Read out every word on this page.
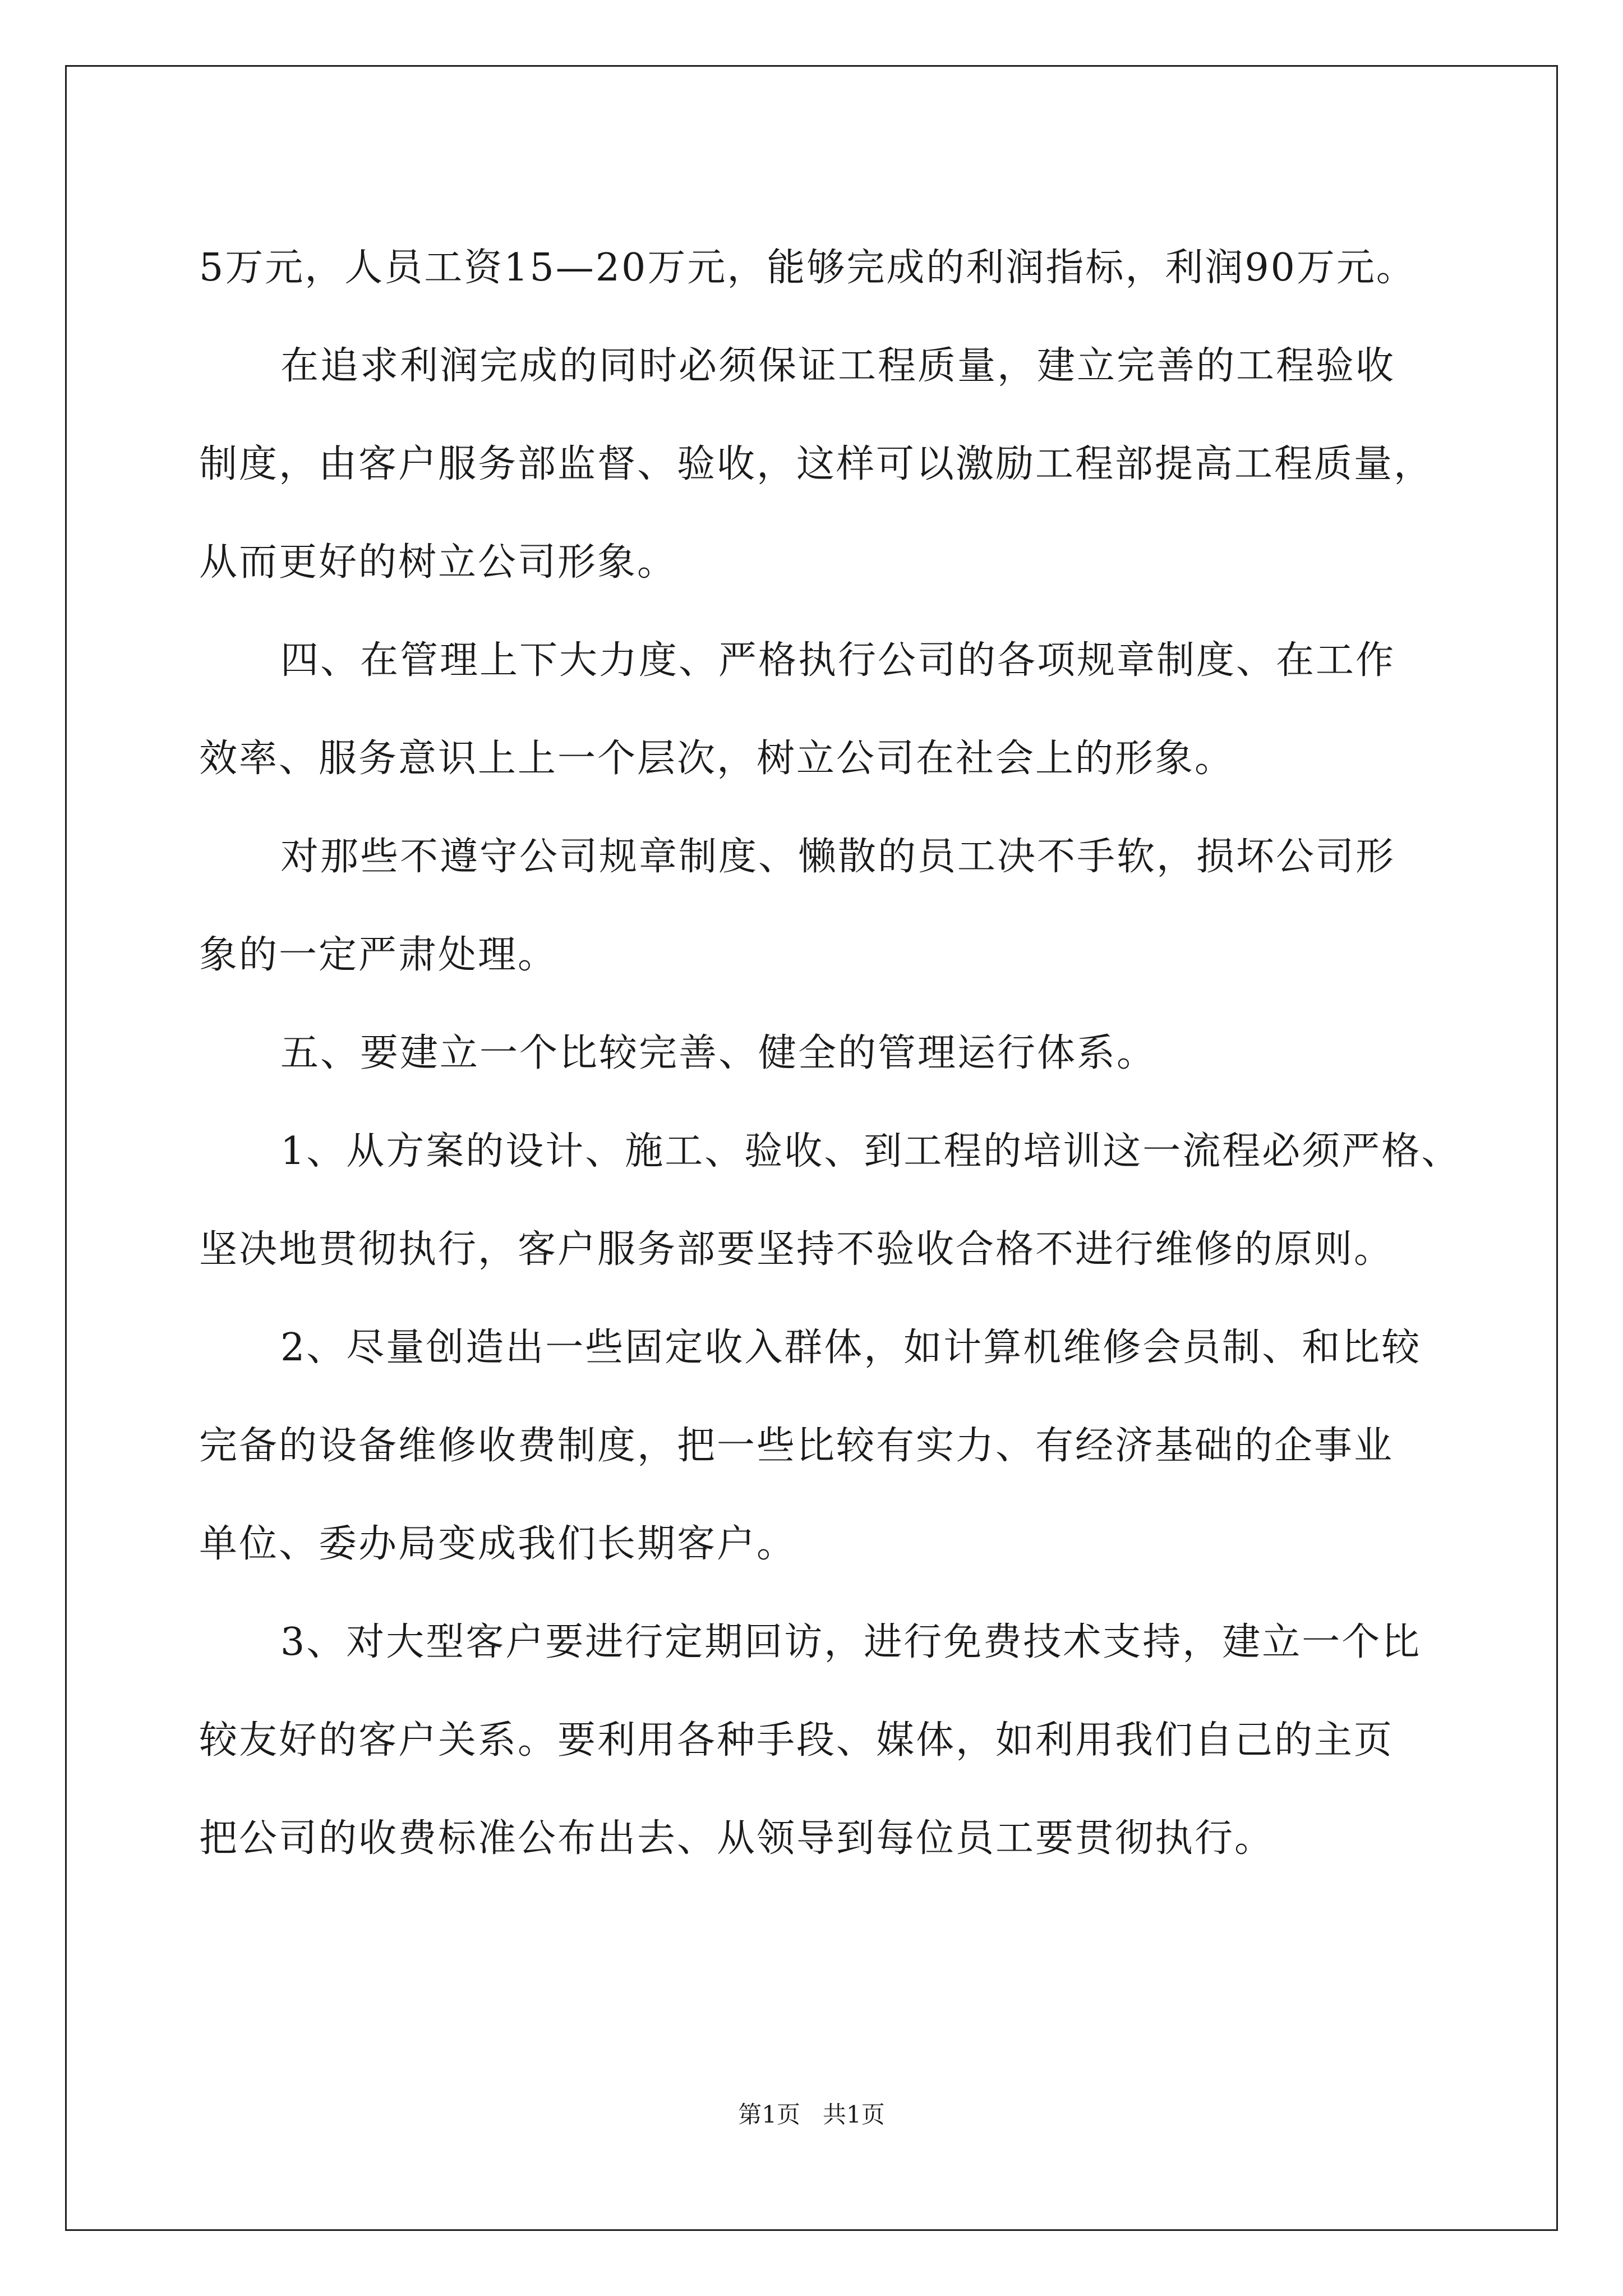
5万元，人员工资15—20万元，能够完成的利润指标，利润90万元。
在追求利润完成的同时必须保证工程质量，建立完善的工程验收
制度，由客户服务部监督、验收，这样可以激励工程部提高工程质量，
从而更好的树立公司形象。
四、在管理上下大力度、严格执行公司的各项规章制度、在工作
效率、服务意识上上一个层次，树立公司在社会上的形象。
对那些不遵守公司规章制度、懒散的员工决不手软，损坏公司形
象的一定严肃处理。
五、要建立一个比较完善、健全的管理运行体系。
1、从方案的设计、施工、验收、到工程的培训这一流程必须严格、
坚决地贯彻执行，客户服务部要坚持不验收合格不进行维修的原则。
2、尽量创造出一些固定收入群体，如计算机维修会员制、和比较
完备的设备维修收费制度，把一些比较有实力、有经济基础的企事业
单位、委办局变成我们长期客户。
3、对大型客户要进行定期回访，进行免费技术支持，建立一个比
较友好的客户关系。要利用各种手段、媒体，如利用我们自己的主页
把公司的收费标准公布出去、从领导到每位员工要贯彻执行。
第1页   共1页
